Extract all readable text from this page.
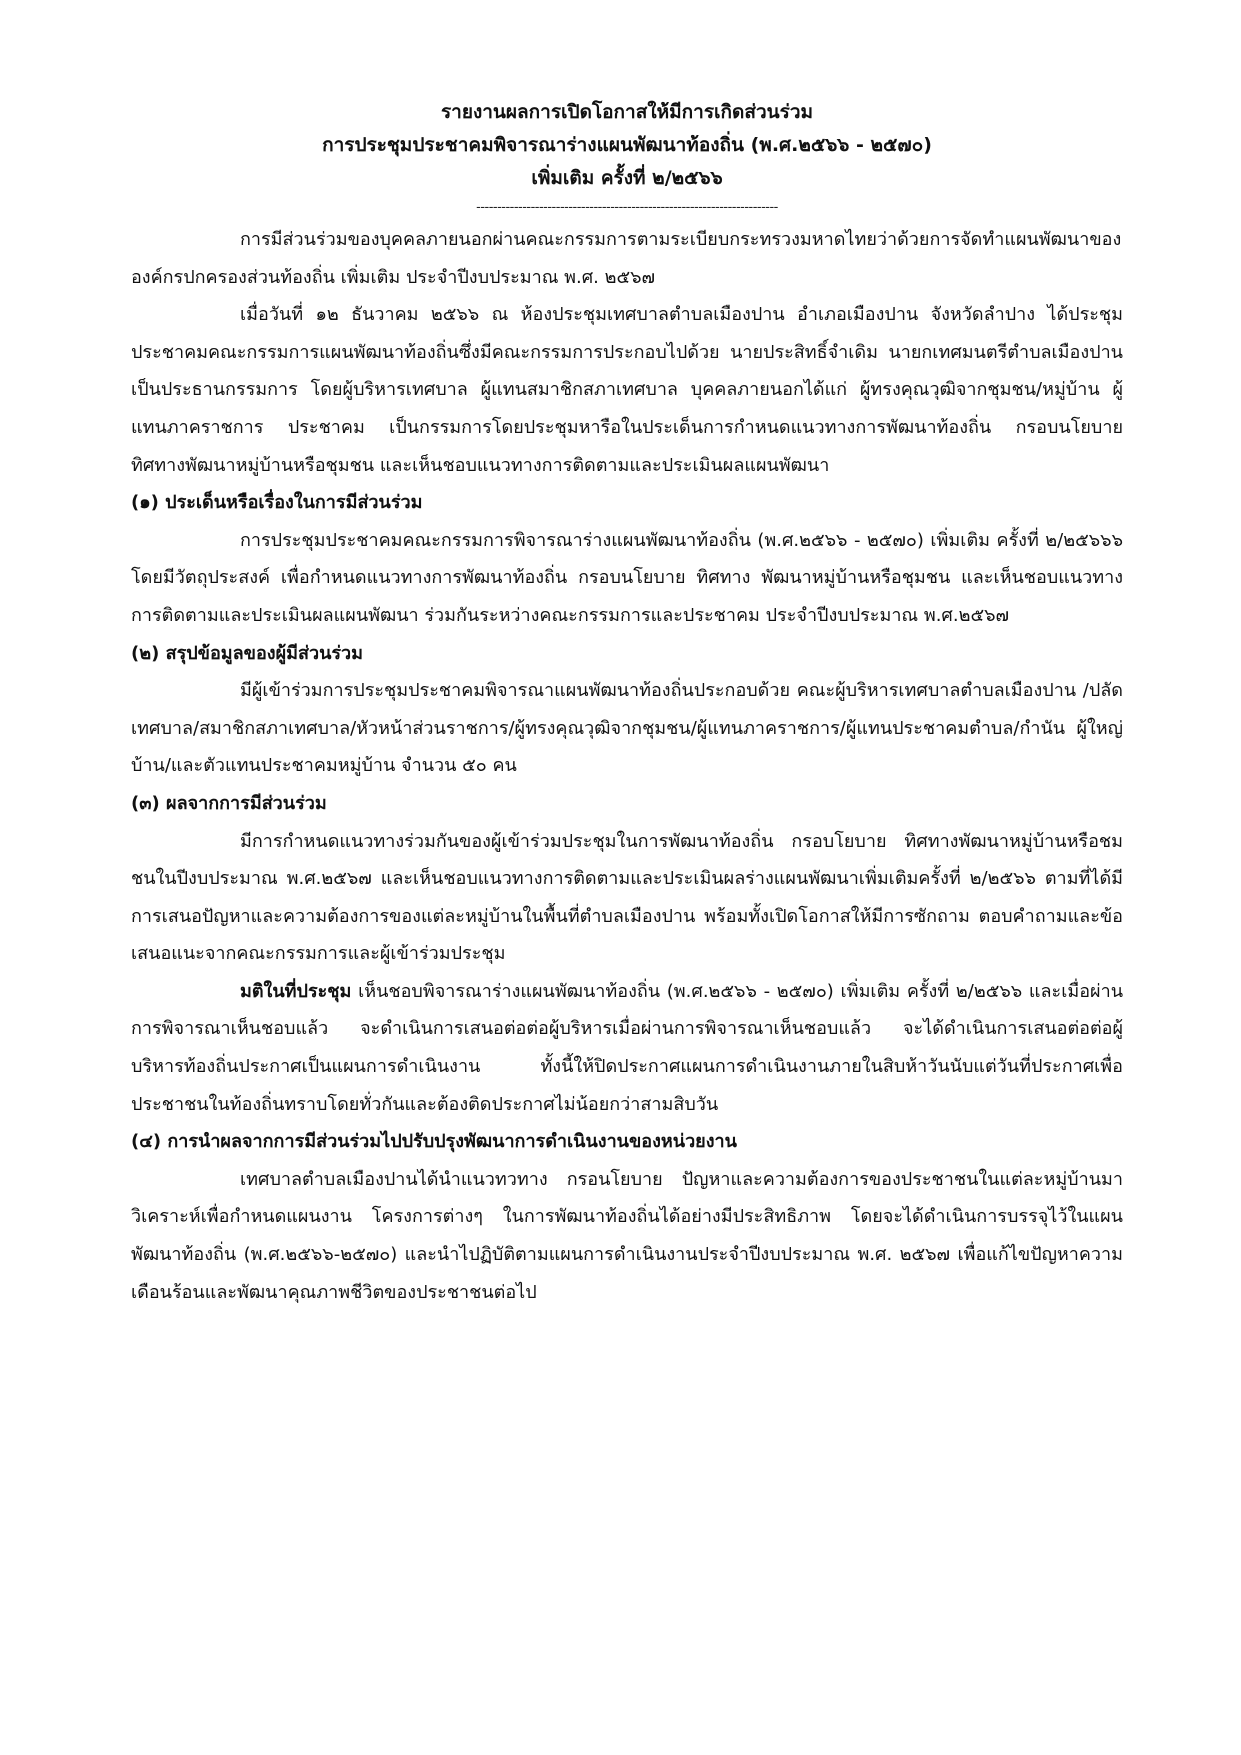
รายงานผลการเปิดโอกาสให้มีการเกิดส่วนร่วม

การประชุมประชาคมพิจารณาร่างแผนพัฒนาท้องถิ่น (พ.ศ.๒๕๖๖ - ๒๕๗๐)

เพิ่มเติม ครั้งที่ ๒/๒๕๖๖

------------------------------------------------------------------------

การมีส่วนร่วมของบุคคลภายนอกผ่านคณะกรรมการตามระเบียบกระทรวงมหาดไทยว่าด้วยการจัดทำแผนพัฒนาขององค์กรปกครองส่วนท้องถิ่น เพิ่มเติม ประจำปีงบประมาณ พ.ศ. ๒๕๖๗

เมื่อวันที่ ๑๒ ธันวาคม ๒๕๖๖ ณ ห้องประชุมเทศบาลตำบลเมืองปาน อำเภอเมืองปาน จังหวัดลำปาง ได้ประชุมประชาคมคณะกรรมการแผนพัฒนาท้องถิ่นซึ่งมีคณะกรรมการประกอบไปด้วย นายประสิทธิ์จำเดิม นายกเทศมนตรีตำบลเมืองปาน เป็นประธานกรรมการ โดยผู้บริหารเทศบาล ผู้แทนสมาชิกสภาเทศบาล บุคคลภายนอกได้แก่ ผู้ทรงคุณวุฒิจากชุมชน/หมู่บ้าน ผู้แทนภาคราชการ ประชาคม เป็นกรรมการโดยประชุมหารือในประเด็นการกำหนดแนวทางการพัฒนาท้องถิ่น กรอบนโยบาย ทิศทางพัฒนาหมู่บ้านหรือชุมชน และเห็นชอบแนวทางการติดตามและประเมินผลแผนพัฒนา

(๑) ประเด็นหรือเรื่องในการมีส่วนร่วม

การประชุมประชาคมคณะกรรมการพิจารณาร่างแผนพัฒนาท้องถิ่น (พ.ศ.๒๕๖๖ - ๒๕๗๐) เพิ่มเติม ครั้งที่ ๒/๒๕๖๖๖ โดยมีวัตถุประสงค์ เพื่อกำหนดแนวทางการพัฒนาท้องถิ่น กรอบนโยบาย ทิศทาง พัฒนาหมู่บ้านหรือชุมชน และเห็นชอบแนวทางการติดตามและประเมินผลแผนพัฒนา ร่วมกันระหว่างคณะกรรมการและประชาคม ประจำปีงบประมาณ พ.ศ.๒๕๖๗

(๒) สรุปข้อมูลของผู้มีส่วนร่วม

มีผู้เข้าร่วมการประชุมประชาคมพิจารณาแผนพัฒนาท้องถิ่นประกอบด้วย คณะผู้บริหารเทศบาลตำบลเมืองปาน /ปลัดเทศบาล/สมาชิกสภาเทศบาล/หัวหน้าส่วนราชการ/ผู้ทรงคุณวุฒิจากชุมชน/ผู้แทนภาคราชการ/ผู้แทนประชาคมตำบล/กำนัน ผู้ใหญ่บ้าน/และตัวแทนประชาคมหมู่บ้าน จำนวน ๕๐ คน

(๓) ผลจากการมีส่วนร่วม

มีการกำหนดแนวทางร่วมกันของผู้เข้าร่วมประชุมในการพัฒนาท้องถิ่น กรอบโยบาย ทิศทางพัฒนาหมู่บ้านหรือชมชนในปีงบประมาณ พ.ศ.๒๕๖๗ และเห็นชอบแนวทางการติดตามและประเมินผลร่างแผนพัฒนาเพิ่มเติมครั้งที่ ๒/๒๕๖๖ ตามที่ได้มีการเสนอปัญหาและความต้องการของแต่ละหมู่บ้านในพื้นที่ตำบลเมืองปาน พร้อมทั้งเปิดโอกาสให้มีการซักถาม ตอบคำถามและข้อเสนอแนะจากคณะกรรมการและผู้เข้าร่วมประชุม

มติในที่ประชุม เห็นชอบพิจารณาร่างแผนพัฒนาท้องถิ่น (พ.ศ.๒๕๖๖ - ๒๕๗๐) เพิ่มเติม ครั้งที่ ๒/๒๕๖๖ และเมื่อผ่านการพิจารณาเห็นชอบแล้ว จะดำเนินการเสนอต่อต่อผู้บริหารเมื่อผ่านการพิจารณาเห็นชอบแล้ว จะได้ดำเนินการเสนอต่อต่อผู้บริหารท้องถิ่นประกาศเป็นแผนการดำเนินงาน ทั้งนี้ให้ปิดประกาศแผนการดำเนินงานภายในสิบห้าวันนับแต่วันที่ประกาศเพื่อประชาชนในท้องถิ่นทราบโดยทั่วกันและต้องติดประกาศไม่น้อยกว่าสามสิบวัน

(๔) การนำผลจากการมีส่วนร่วมไปปรับปรุงพัฒนาการดำเนินงานของหน่วยงาน

เทศบาลตำบลเมืองปานได้นำแนวทวทาง กรอนโยบาย ปัญหาและความต้องการของประชาชนในแต่ละหมู่บ้านมาวิเคราะห์เพื่อกำหนดแผนงาน โครงการต่างๆ ในการพัฒนาท้องถิ่นได้อย่างมีประสิทธิภาพ โดยจะได้ดำเนินการบรรจุไว้ในแผนพัฒนาท้องถิ่น (พ.ศ.๒๕๖๖-๒๕๗๐) และนำไปฏิบัติตามแผนการดำเนินงานประจำปีงบประมาณ พ.ศ. ๒๕๖๗ เพื่อแก้ไขปัญหาความเดือนร้อนและพัฒนาคุณภาพชีวิตของประชาชนต่อไป
